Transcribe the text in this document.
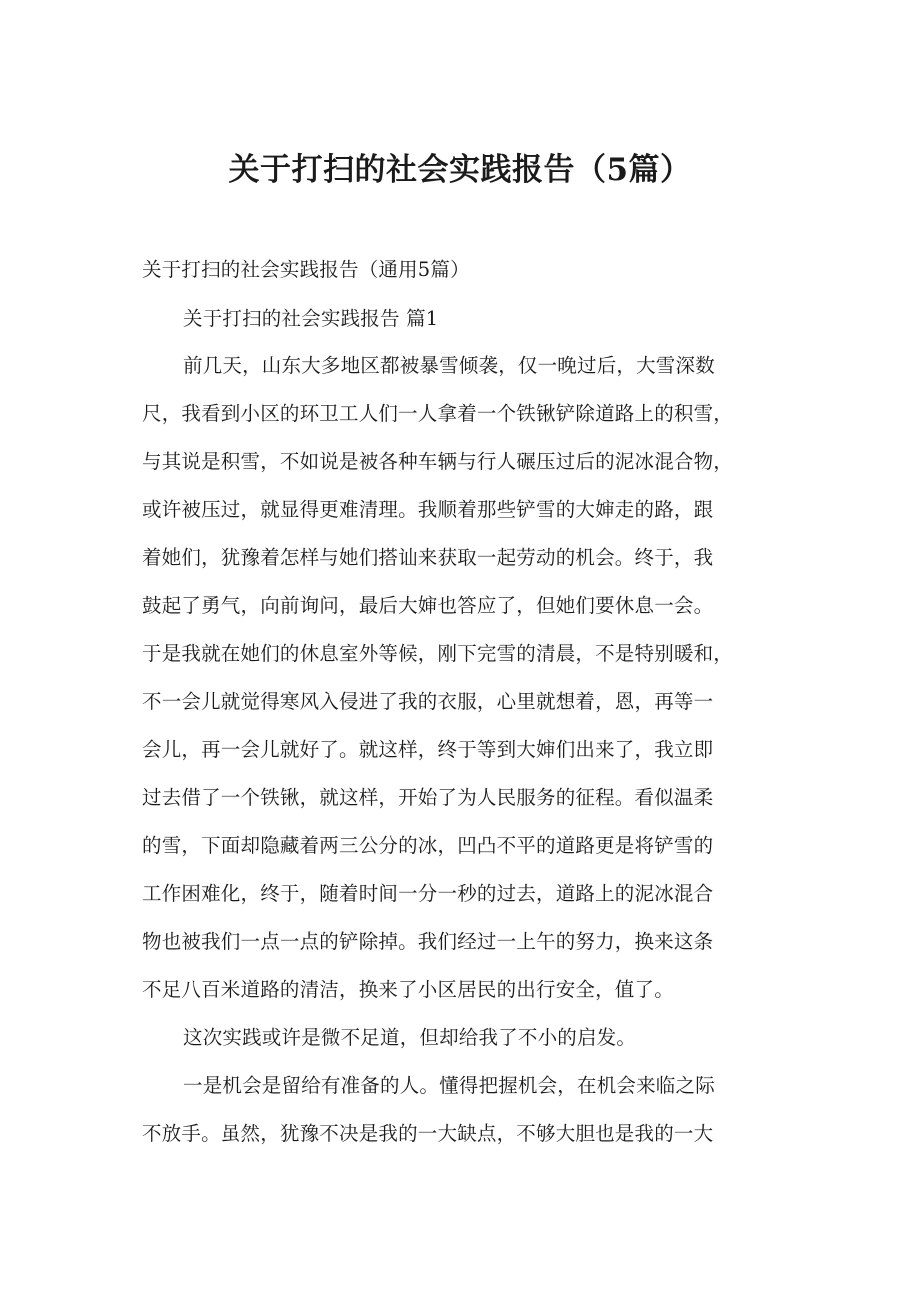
关于打扫的社会实践报告（5篇）
关于打扫的社会实践报告（通用5篇）
关于打扫的社会实践报告 篇1
前几天，山东大多地区都被暴雪倾袭，仅一晚过后，大雪深数
尺，我看到小区的环卫工人们一人拿着一个铁锹铲除道路上的积雪，
与其说是积雪，不如说是被各种车辆与行人碾压过后的泥冰混合物，
或许被压过，就显得更难清理。我顺着那些铲雪的大婶走的路，跟
着她们，犹豫着怎样与她们搭讪来获取一起劳动的机会。终于，我
鼓起了勇气，向前询问，最后大婶也答应了，但她们要休息一会。
于是我就在她们的休息室外等候，刚下完雪的清晨，不是特别暖和，
不一会儿就觉得寒风入侵进了我的衣服，心里就想着，恩，再等一
会儿，再一会儿就好了。就这样，终于等到大婶们出来了，我立即
过去借了一个铁锹，就这样，开始了为人民服务的征程。看似温柔
的雪，下面却隐藏着两三公分的冰，凹凸不平的道路更是将铲雪的
工作困难化，终于，随着时间一分一秒的过去，道路上的泥冰混合
物也被我们一点一点的铲除掉。我们经过一上午的努力，换来这条
不足八百米道路的清洁，换来了小区居民的出行安全，值了。
这次实践或许是微不足道，但却给我了不小的启发。
一是机会是留给有准备的人。懂得把握机会，在机会来临之际
不放手。虽然，犹豫不决是我的一大缺点，不够大胆也是我的一大
